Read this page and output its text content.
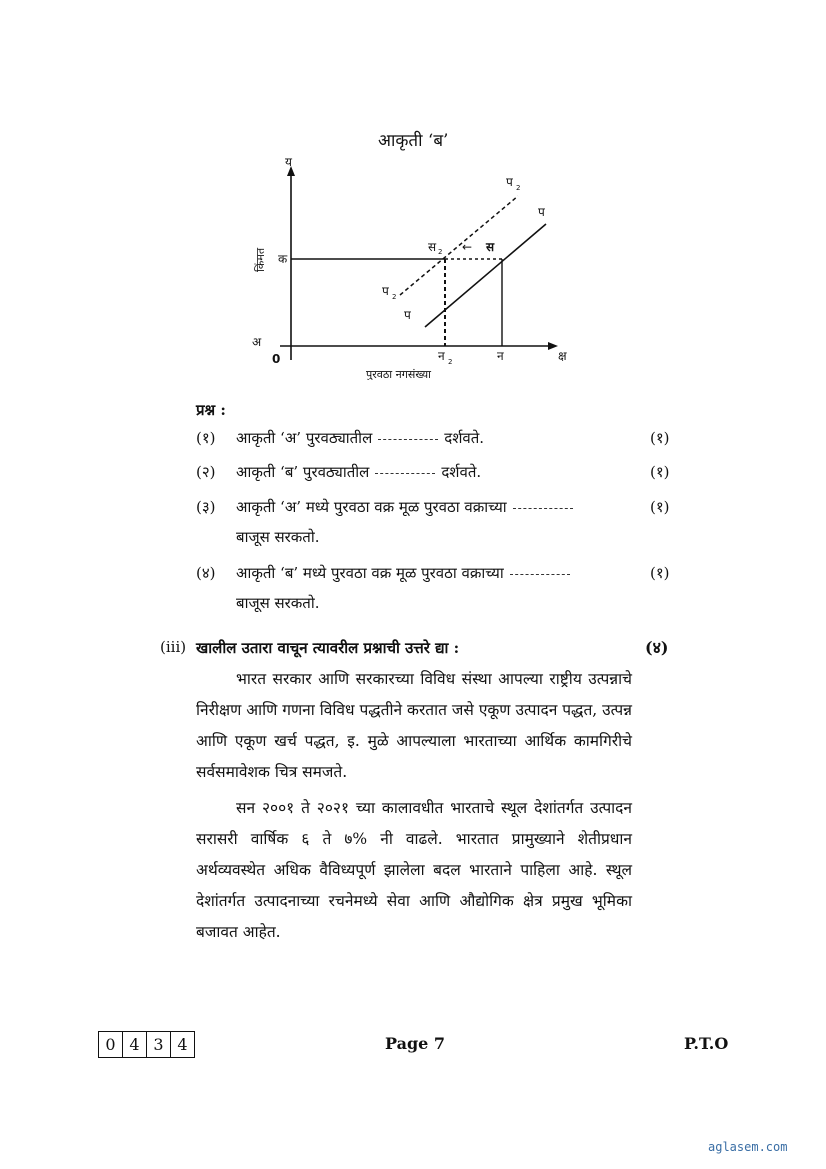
आकृती ‘ब’
य
किंमत क
अ
0
स 2 ← स
प 2
प
प 2
प
न 2	न	क्ष
पुरवठा नगसंख्या
प्रश्न :
(१) आकृती ‘अ’ पुरवठ्यातील	दर्शवते.	(१)
(२) आकृती ‘ब’ पुरवठ्यातील	दर्शवते.	(१)
(३) आकृती ‘अ’ मध्ये पुरवठा वक्र मूळ पुरवठा वक्राच्या
बाजूस सरकतो.
(१)
(४) आकृती ‘ब’ मध्ये पुरवठा वक्र मूळ पुरवठा वक्राच्या
बाजूस सरकतो.
(१)
(iii) खालील उतारा वाचून त्यावरील प्रश्नाची उत्तरे द्या :	(४)
भारत सरकार आणि सरकारच्या विविध संस्था आपल्या राष्ट्रीय उत्पन्नाचे निरीक्षण आणि गणना विविध पद्धतीने करतात जसे एकूण उत्पादन पद्धत, उत्पन्न आणि एकूण खर्च पद्धत, इ. मुळे आपल्याला भारताच्या आर्थिक कामगिरीचे सर्वसमावेशक चित्र समजते.
सन २००१ ते २०२१ च्या कालावधीत भारताचे स्थूल देशांतर्गत उत्पादन सरासरी वार्षिक ६ ते ७% नी वाढले. भारतात प्रामुख्याने शेतीप्रधान अर्थव्यवस्थेत अधिक वैविध्यपूर्ण झालेला बदल भारताने पाहिला आहे. स्थूल देशांतर्गत उत्पादनाच्या रचनेमध्ये सेवा आणि औद्योगिक क्षेत्र प्रमुख भूमिका बजावत आहेत.
0 4 3 4	Page 7	P.T.O
aglasem.com
